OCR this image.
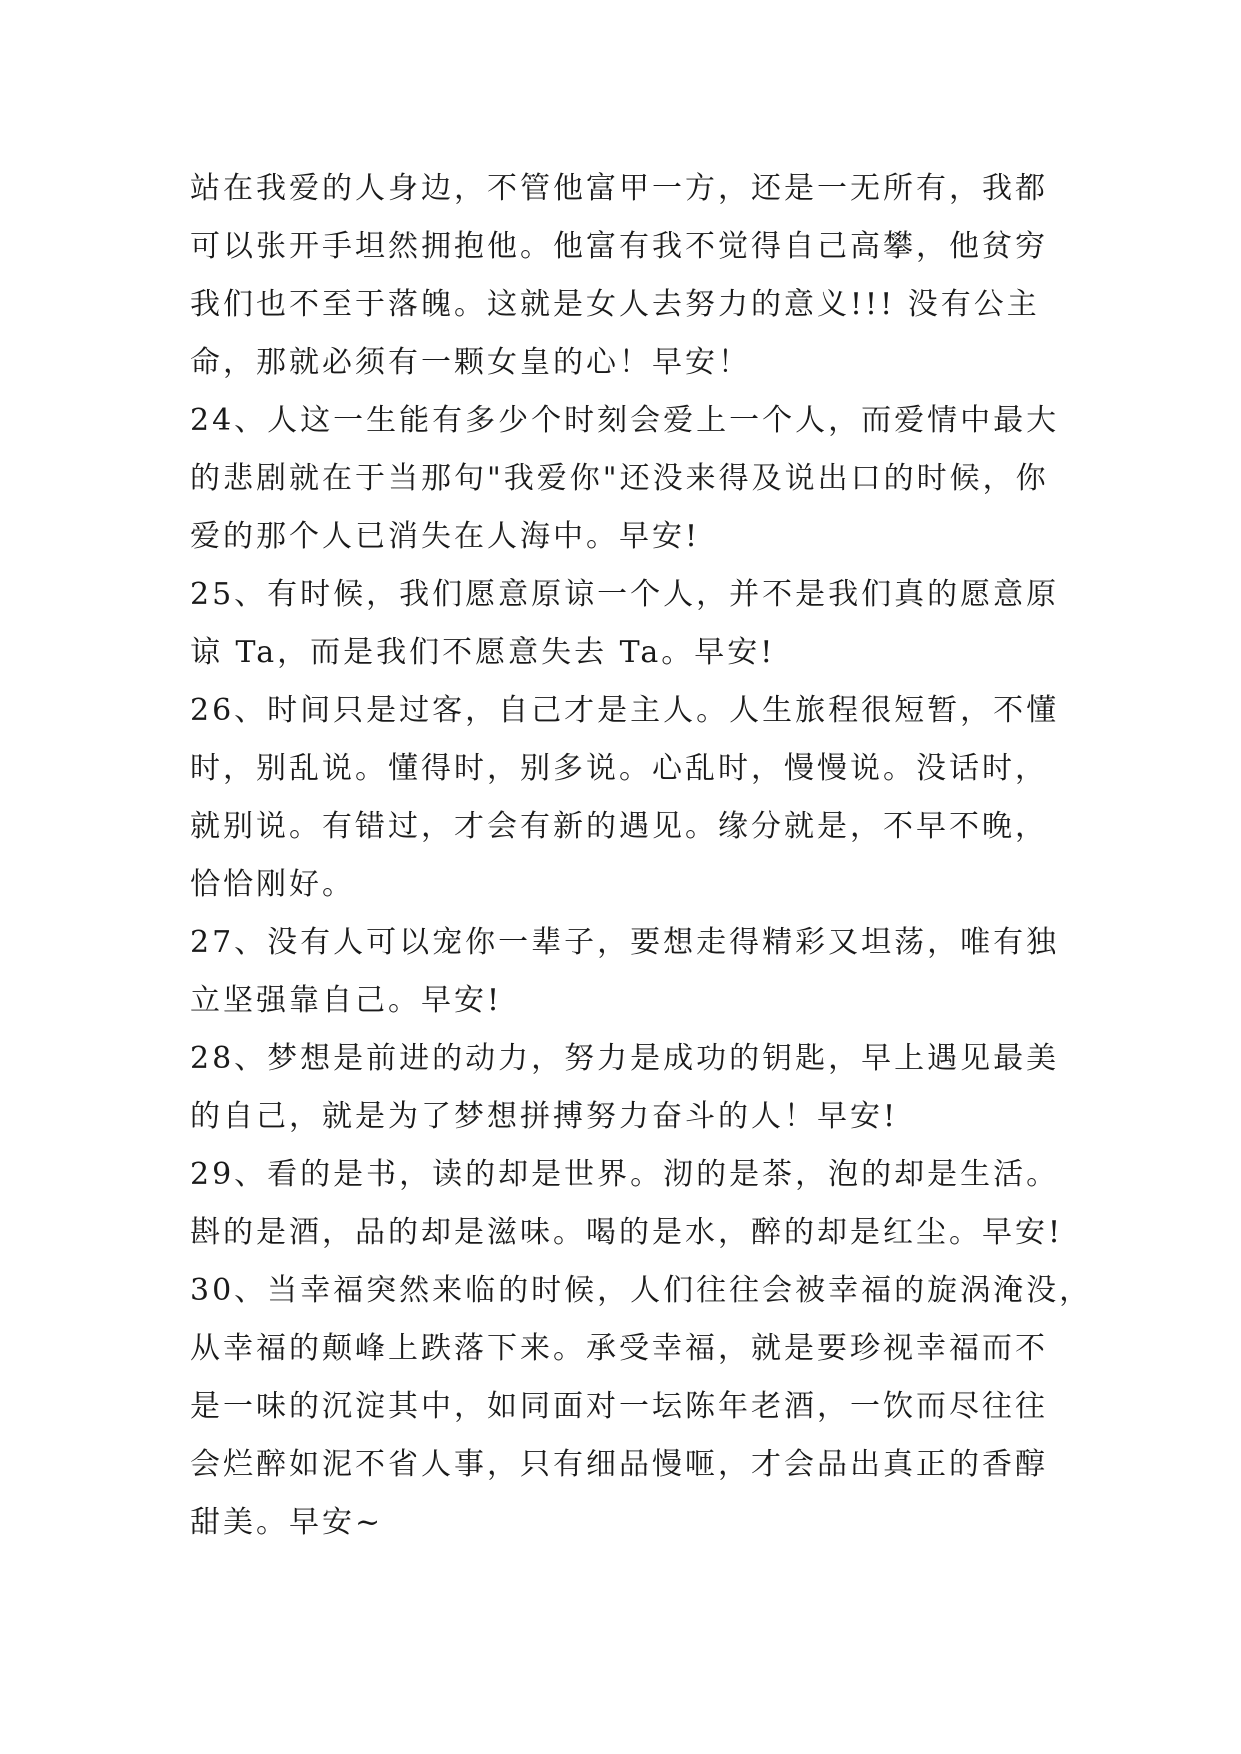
站在我爱的人身边，不管他富甲一方，还是一无所有，我都
可以张开手坦然拥抱他。他富有我不觉得自己高攀，他贫穷
我们也不至于落魄。这就是女人去努力的意义!!! 没有公主
命，那就必须有一颗女皇的心！早安！
24、人这一生能有多少个时刻会爱上一个人，而爱情中最大
的悲剧就在于当那句"我爱你"还没来得及说出口的时候，你
爱的那个人已消失在人海中。早安!
25、有时候，我们愿意原谅一个人，并不是我们真的愿意原
谅 Ta，而是我们不愿意失去 Ta。早安!
26、时间只是过客，自己才是主人。人生旅程很短暂，不懂
时，别乱说。懂得时，别多说。心乱时，慢慢说。没话时，
就别说。有错过，才会有新的遇见。缘分就是，不早不晚，
恰恰刚好。
27、没有人可以宠你一辈子，要想走得精彩又坦荡，唯有独
立坚强靠自己。早安!
28、梦想是前进的动力，努力是成功的钥匙，早上遇见最美
的自己，就是为了梦想拼搏努力奋斗的人！早安!
29、看的是书，读的却是世界。沏的是茶，泡的却是生活。
斟的是酒，品的却是滋味。喝的是水，醉的却是红尘。早安!
30、当幸福突然来临的时候，人们往往会被幸福的旋涡淹没，
从幸福的颠峰上跌落下来。承受幸福，就是要珍视幸福而不
是一味的沉淀其中，如同面对一坛陈年老酒，一饮而尽往往
会烂醉如泥不省人事，只有细品慢咂，才会品出真正的香醇
甜美。早安~
